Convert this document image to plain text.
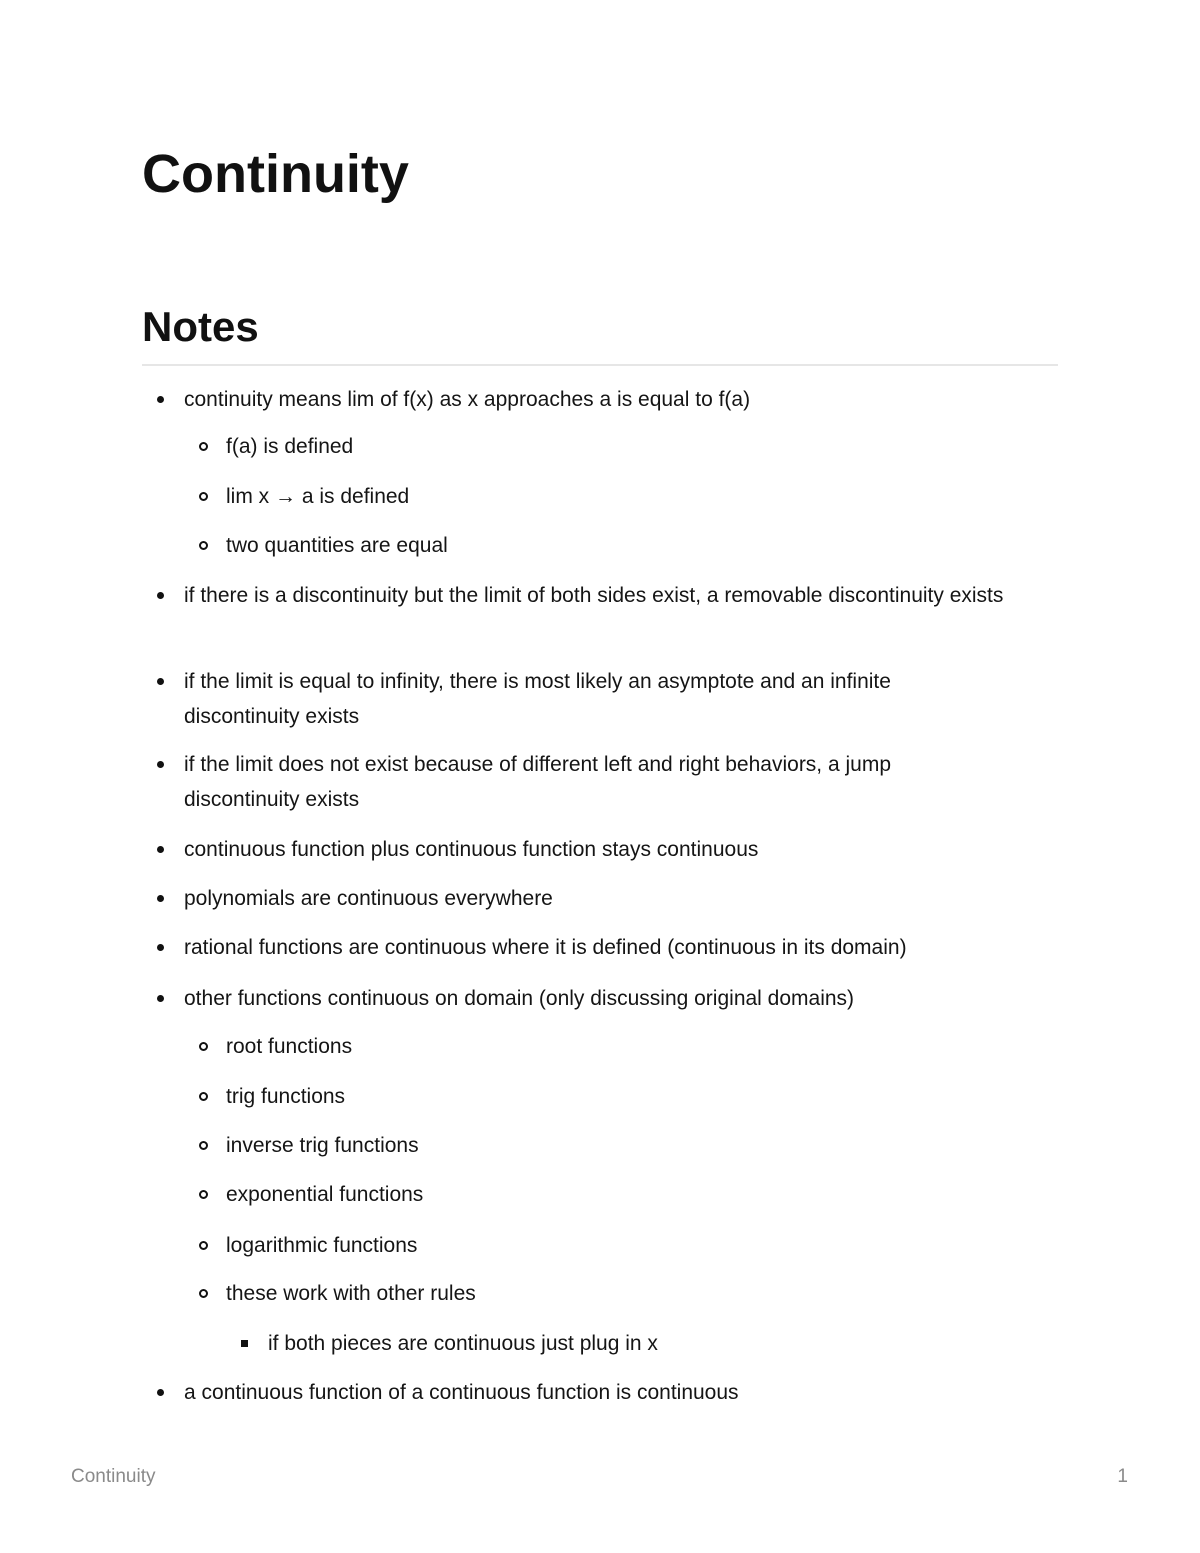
Continuity
Notes
continuity means lim of f(x) as x approaches a is equal to f(a)
f(a) is defined
lim x → a is defined
two quantities are equal
if there is a discontinuity but the limit of both sides exist, a removable discontinuity exists
if the limit is equal to infinity, there is most likely an asymptote and an infinite discontinuity exists
if the limit does not exist because of different left and right behaviors, a jump discontinuity exists
continuous function plus continuous function stays continuous
polynomials are continuous everywhere
rational functions are continuous where it is defined (continuous in its domain)
other functions continuous on domain (only discussing original domains)
root functions
trig functions
inverse trig functions
exponential functions
logarithmic functions
these work with other rules
if both pieces are continuous just plug in x
a continuous function of a continuous function is continuous
Continuity	1
